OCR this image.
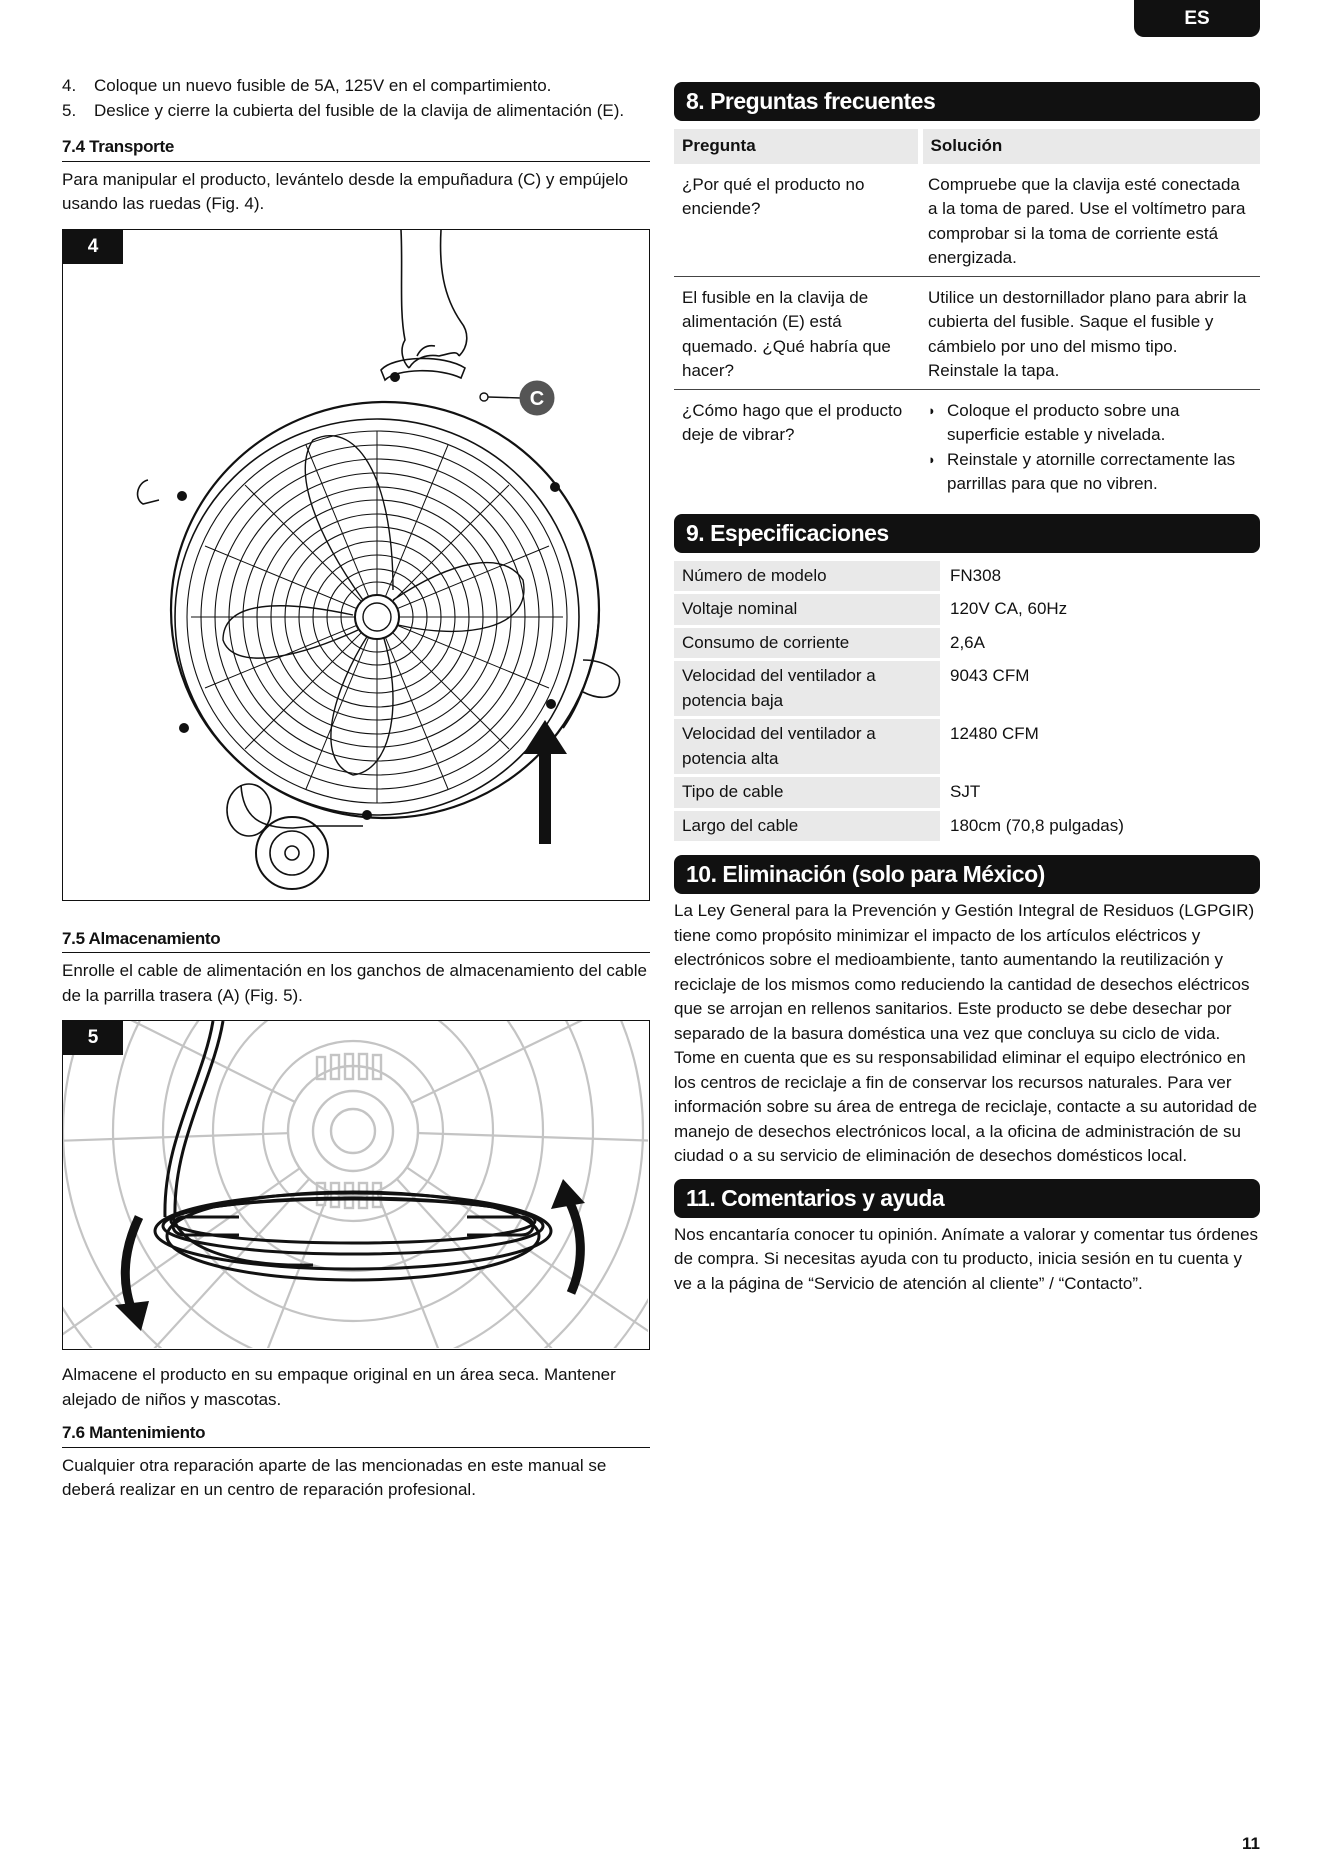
ES
4. Coloque un nuevo fusible de 5A, 125V en el compartimiento.
5. Deslice y cierre la cubierta del fusible de la clavija de alimentación (E).
7.4 Transporte

Para manipular el producto, levántelo desde la empuñadura (C) y empújelo usando las ruedas (Fig. 4).

4
C
7.5 Almacenamiento

Enrolle el cable de alimentación en los ganchos de almacenamiento del cable de la parrilla trasera (A) (Fig. 5).

5

Almacene el producto en su empaque original en un área seca. Mantener alejado de niños y mascotas.

7.6 Mantenimiento

Cualquier otra reparación aparte de las mencionadas en este manual se deberá realizar en un centro de reparación profesional.

8. Preguntas frecuentes
Pregunta	Solución
¿Por qué el producto no enciende?	Compruebe que la clavija esté conectada a la toma de pared. Use el voltímetro para comprobar si la toma de corriente está energizada.
El fusible en la clavija de alimentación (E) está quemado. ¿Qué habría que hacer?	Utilice un destornillador plano para abrir la cubierta del fusible. Saque el fusible y cámbielo por uno del mismo tipo. Reinstale la tapa.
¿Cómo hago que el producto deje de vibrar?	◗ Coloque el producto sobre una superficie estable y nivelada.
◗ Reinstale y atornille correctamente las parrillas para que no vibren.
9. Especificaciones
Número de modelo	FN308
Voltaje nominal	120V CA, 60Hz
Consumo de corriente	2,6A
Velocidad del ventilador a potencia baja	9043 CFM
Velocidad del ventilador a potencia alta	12480 CFM
Tipo de cable	SJT
Largo del cable	180cm (70,8 pulgadas)
10. Eliminación (solo para México)

La Ley General para la Prevención y Gestión Integral de Residuos (LGPGIR) tiene como propósito minimizar el impacto de los artículos eléctricos y electrónicos sobre el medioambiente, tanto aumentando la reutilización y reciclaje de los mismos como reduciendo la cantidad de desechos eléctricos que se arrojan en rellenos sanitarios. Este producto se debe desechar por separado de la basura doméstica una vez que concluya su ciclo de vida. Tome en cuenta que es su responsabilidad eliminar el equipo electrónico en los centros de reciclaje a fin de conservar los recursos naturales. Para ver información sobre su área de entrega de reciclaje, contacte a su autoridad de manejo de desechos electrónicos local, a la oficina de administración de su ciudad o a su servicio de eliminación de desechos domésticos local.

11. Comentarios y ayuda

Nos encantaría conocer tu opinión. Anímate a valorar y comentar tus órdenes de compra. Si necesitas ayuda con tu producto, inicia sesión en tu cuenta y ve a la página de “Servicio de atención al cliente” / “Contacto”.

11
